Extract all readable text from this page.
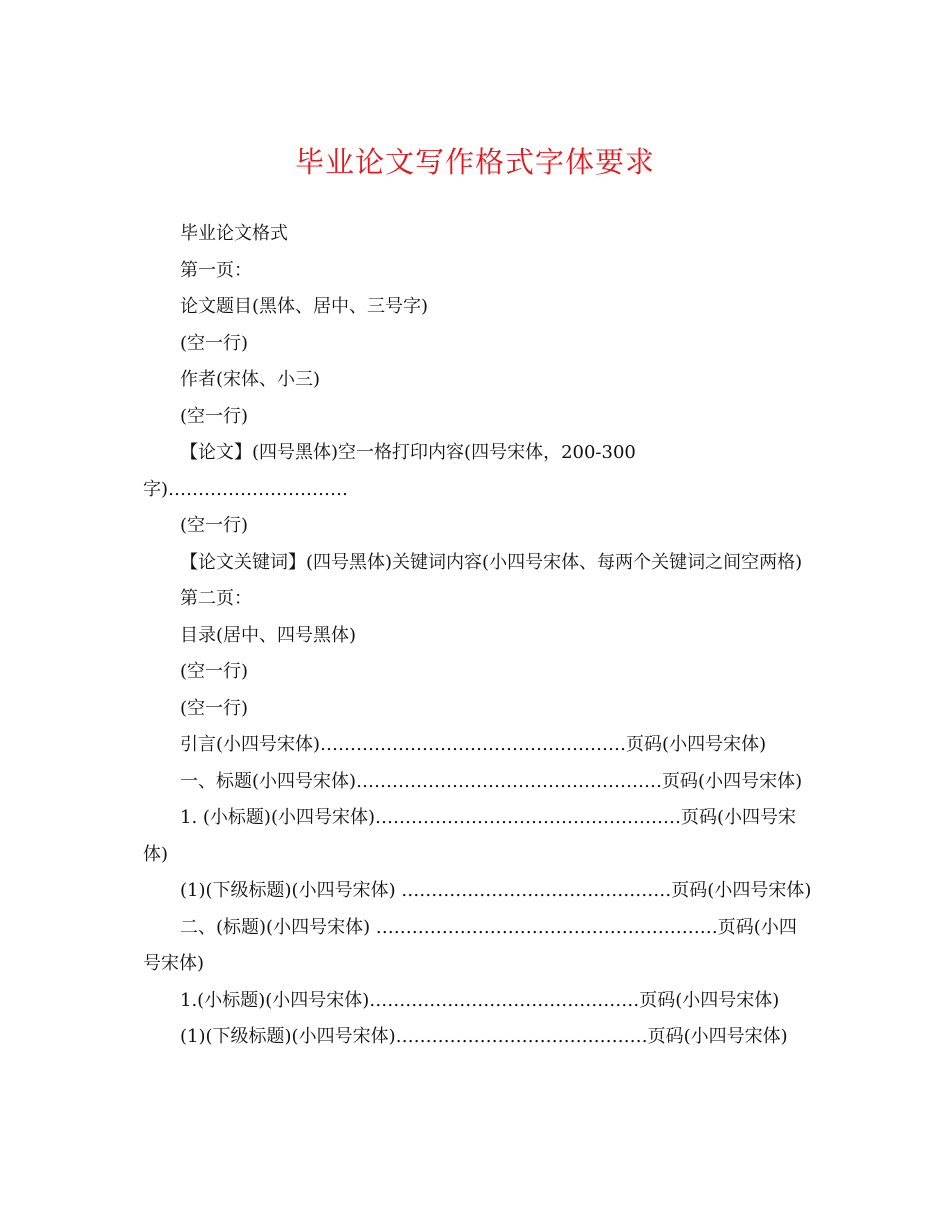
毕业论文写作格式字体要求

毕业论文格式

第一页：

论文题目(黑体、居中、三号字)

(空一行)

作者(宋体、小三)

(空一行)

【论文】(四号黑体)空一格打印内容(四号宋体，200-300字)…………………………

(空一行)

【论文关键词】(四号黑体)关键词内容(小四号宋体、每两个关键词之间空两格)

第二页：

目录(居中、四号黑体)

(空一行)

(空一行)

引言(小四号宋体)……………………………………………页码(小四号宋体)

一、标题(小四号宋体)……………………………………………页码(小四号宋体)

1. (小标题)(小四号宋体)……………………………………………页码(小四号宋体)

(1)(下级标题)(小四号宋体) ………………………………………页码(小四号宋体)

二、(标题)(小四号宋体) …………………………………………………页码(小四号宋体)

1.(小标题)(小四号宋体)………………………………………页码(小四号宋体)

(1)(下级标题)(小四号宋体)……………………………………页码(小四号宋体)
